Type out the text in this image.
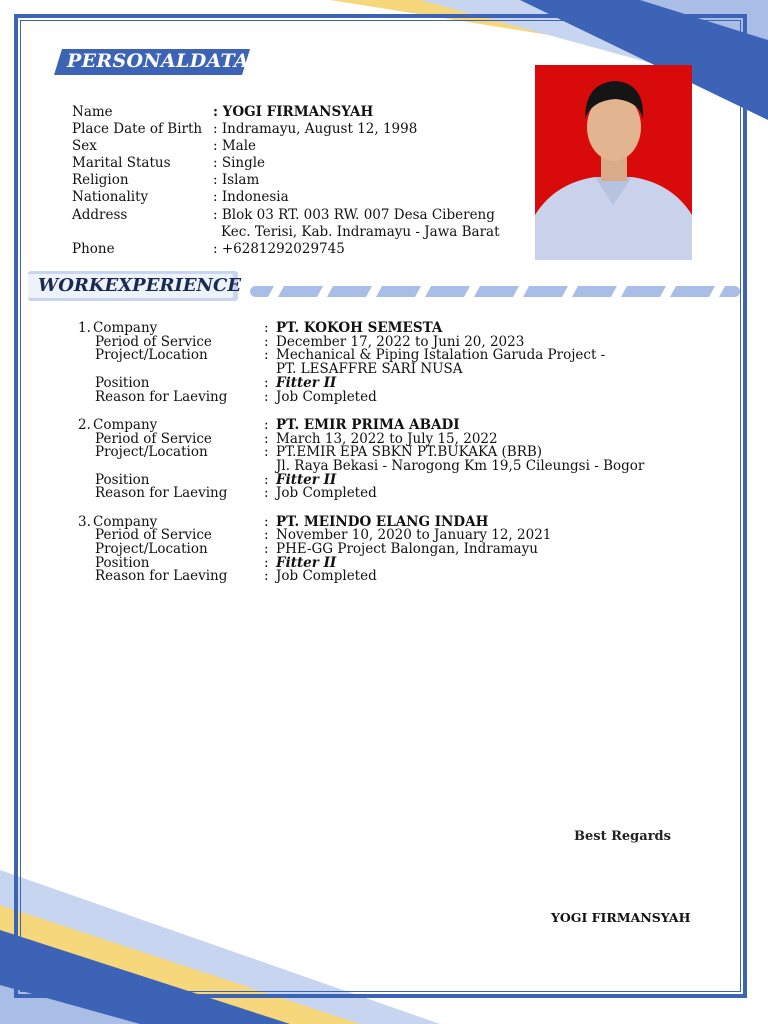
PERSONALDATA
Name	: YOGI FIRMANSYAH
Place Date of Birth : Indramayu, August 12, 1998
Sex	: Male
Marital Status	: Single
Religion	: Islam
Nationality	: Indonesia
Address	: Blok 03 RT. 003 RW. 007 Desa Cibereng
Kec. Terisi, Kab. Indramayu - Jawa Barat
Phone	: +6281292029745
WORKEXPERIENCE
1. Company	: PT. KOKOH SEMESTA
Period of Service	: December 17, 2022 to Juni 20, 2023
Project/Location	: Mechanical & Piping Istalation Garuda Project -
PT. LESAFFRE SARI NUSA
Position	: Fitter II
Reason for Laeving	: Job Completed
2. Company	: PT. EMIR PRIMA ABADI
Period of Service	: March 13, 2022 to July 15, 2022
Project/Location	: PT.EMIR EPA SBKN PT.BUKAKA (BRB)
Jl. Raya Bekasi - Narogong Km 19,5 Cileungsi - Bogor
Position	: Fitter II
Reason for Laeving	: Job Completed
3. Company	: PT. MEINDO ELANG INDAH
Period of Service	: November 10, 2020 to January 12, 2021
Project/Location	: PHE-GG Project Balongan, Indramayu
Position	: Fitter II
Reason for Laeving	: Job Completed
Best Regards
YOGI FIRMANSYAH
